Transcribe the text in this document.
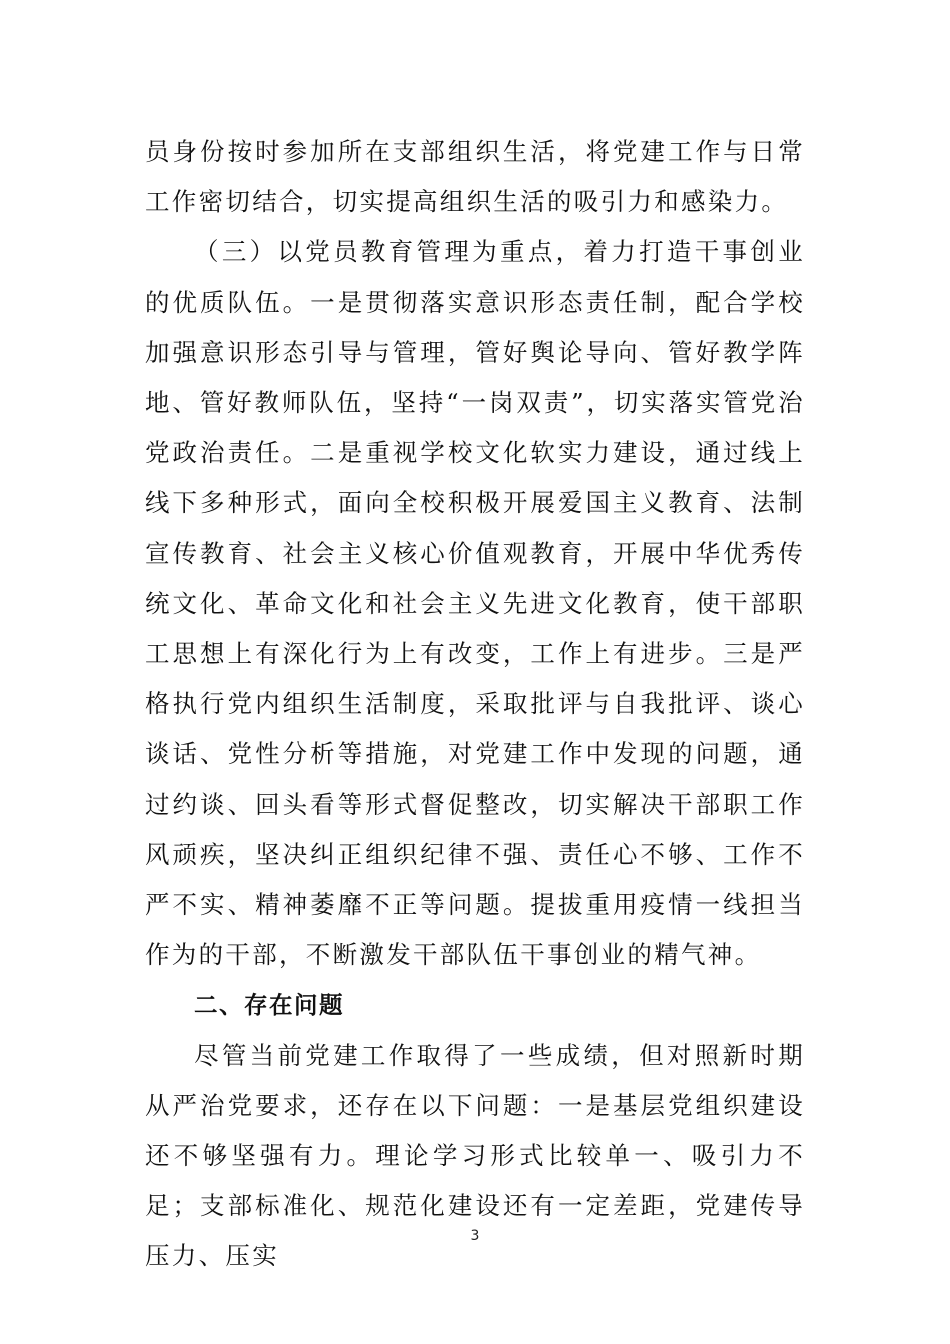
员身份按时参加所在支部组织生活，将党建工作与日常工作密切结合，切实提高组织生活的吸引力和感染力。

（三）以党员教育管理为重点，着力打造干事创业的优质队伍。一是贯彻落实意识形态责任制，配合学校加强意识形态引导与管理，管好舆论导向、管好教学阵地、管好教师队伍，坚持“一岗双责”，切实落实管党治党政治责任。二是重视学校文化软实力建设，通过线上线下多种形式，面向全校积极开展爱国主义教育、法制宣传教育、社会主义核心价值观教育，开展中华优秀传统文化、革命文化和社会主义先进文化教育，使干部职工思想上有深化行为上有改变，工作上有进步。三是严格执行党内组织生活制度，采取批评与自我批评、谈心谈话、党性分析等措施，对党建工作中发现的问题，通过约谈、回头看等形式督促整改，切实解决干部职工作风顽疾，坚决纠正组织纪律不强、责任心不够、工作不严不实、精神萎靡不正等问题。提拔重用疫情一线担当作为的干部，不断激发干部队伍干事创业的精气神。

二、存在问题

尽管当前党建工作取得了一些成绩，但对照新时期从严治党要求，还存在以下问题：一是基层党组织建设还不够坚强有力。理论学习形式比较单一、吸引力不足；支部标准化、规范化建设还有一定差距，党建传导压力、压实

3
